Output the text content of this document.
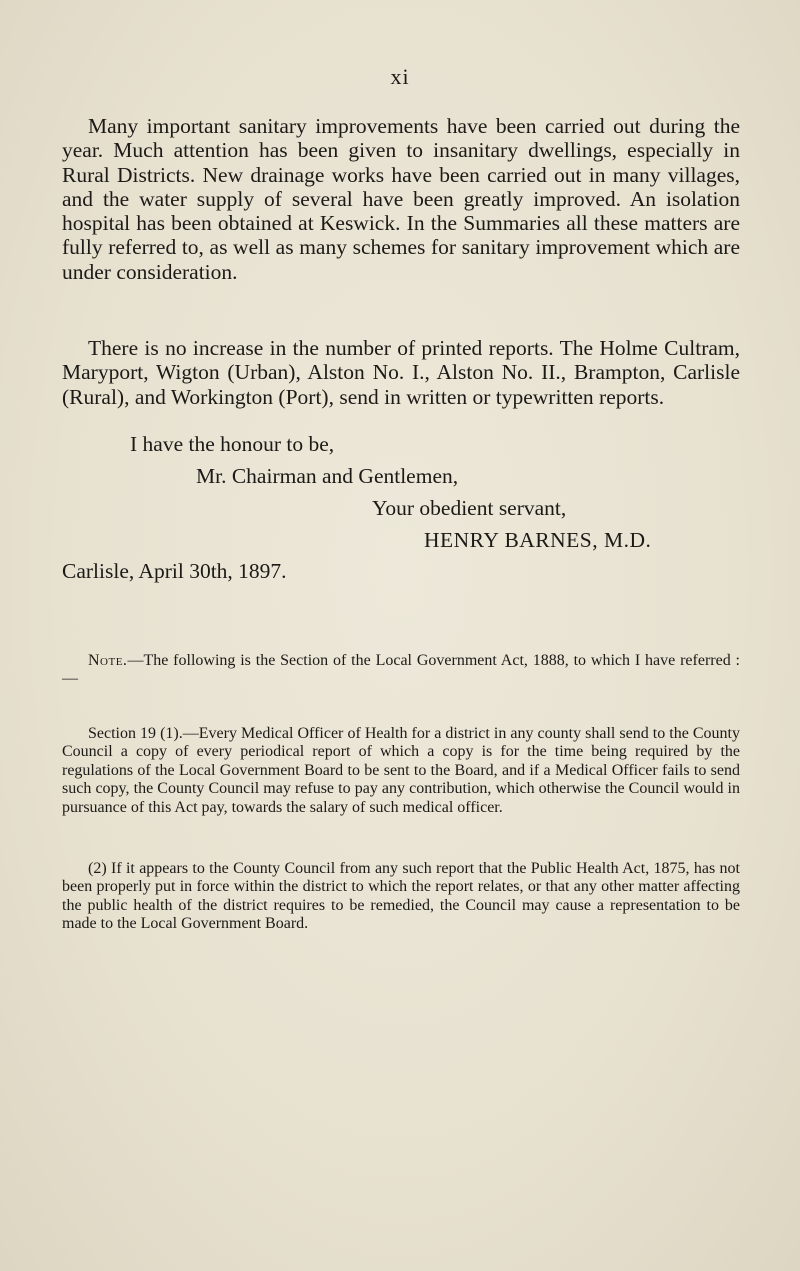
xi

Many important sanitary improvements have been carried out during the year. Much attention has been given to insanitary dwellings, especially in Rural Districts. New drainage works have been carried out in many villages, and the water supply of several have been greatly improved. An isolation hospital has been obtained at Keswick. In the Summaries all these matters are fully referred to, as well as many schemes for sanitary improvement which are under consideration.

There is no increase in the number of printed reports. The Holme Cultram, Maryport, Wigton (Urban), Alston No. I., Alston No. II., Brampton, Carlisle (Rural), and Workington (Port), send in written or typewritten reports.

I have the honour to be,
Mr. Chairman and Gentlemen,
Your obedient servant,
HENRY BARNES, M.D.
Carlisle, April 30th, 1897.

Note.—The following is the Section of the Local Government Act, 1888, to which I have referred :—

Section 19 (1).—Every Medical Officer of Health for a district in any county shall send to the County Council a copy of every periodical report of which a copy is for the time being required by the regulations of the Local Government Board to be sent to the Board, and if a Medical Officer fails to send such copy, the County Council may refuse to pay any contribution, which otherwise the Council would in pursuance of this Act pay, towards the salary of such medical officer.

(2) If it appears to the County Council from any such report that the Public Health Act, 1875, has not been properly put in force within the district to which the report relates, or that any other matter affecting the public health of the district requires to be remedied, the Council may cause a representation to be made to the Local Government Board.
